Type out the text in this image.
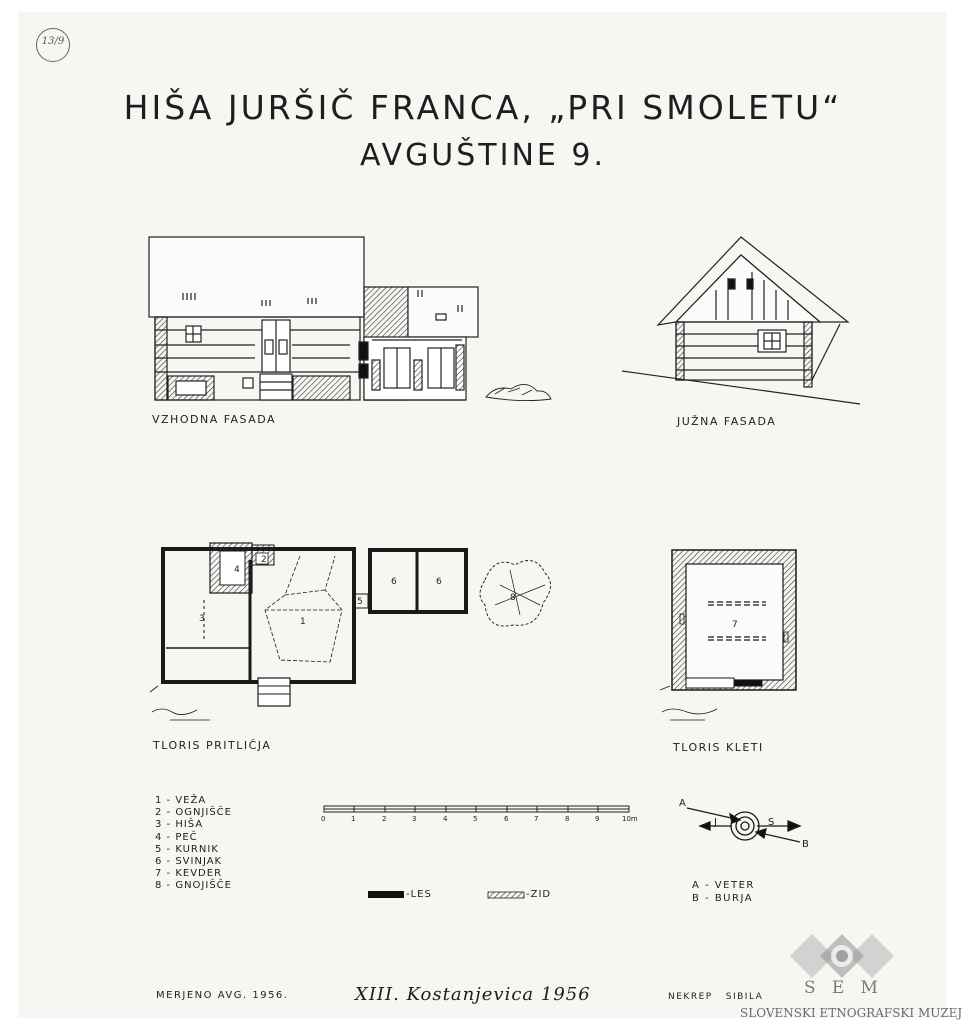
13/9
HIŠA JURŠIČ FRANCA, „PRI SMOLETU“
AVGUŠTINE 9.
4
2
3	1
5
6	6
8
7
VZHODNA FASADA	JUŽNA FASADA
TLORIS PRITLIČJA	TLORIS KLETI
1 - VEŽA
2 - OGNJIŠČE
3 - HIŠA
4 - PEČ
5 - KURNIK
6 - SVINJAK
7 - KEVDER
8 - GNOJIŠČE
0	1	2	3	4	5	6	7	8	9	10m
-LES	-ZID
A
B
J	S
A - VETER
B - BURJA
MERJENO AVG. 1956.	XIII. Kostanjevica 1956	NEKREP   SIBILA S   E   M
SLOVENSKI ETNOGRAFSKI MUZEJ
